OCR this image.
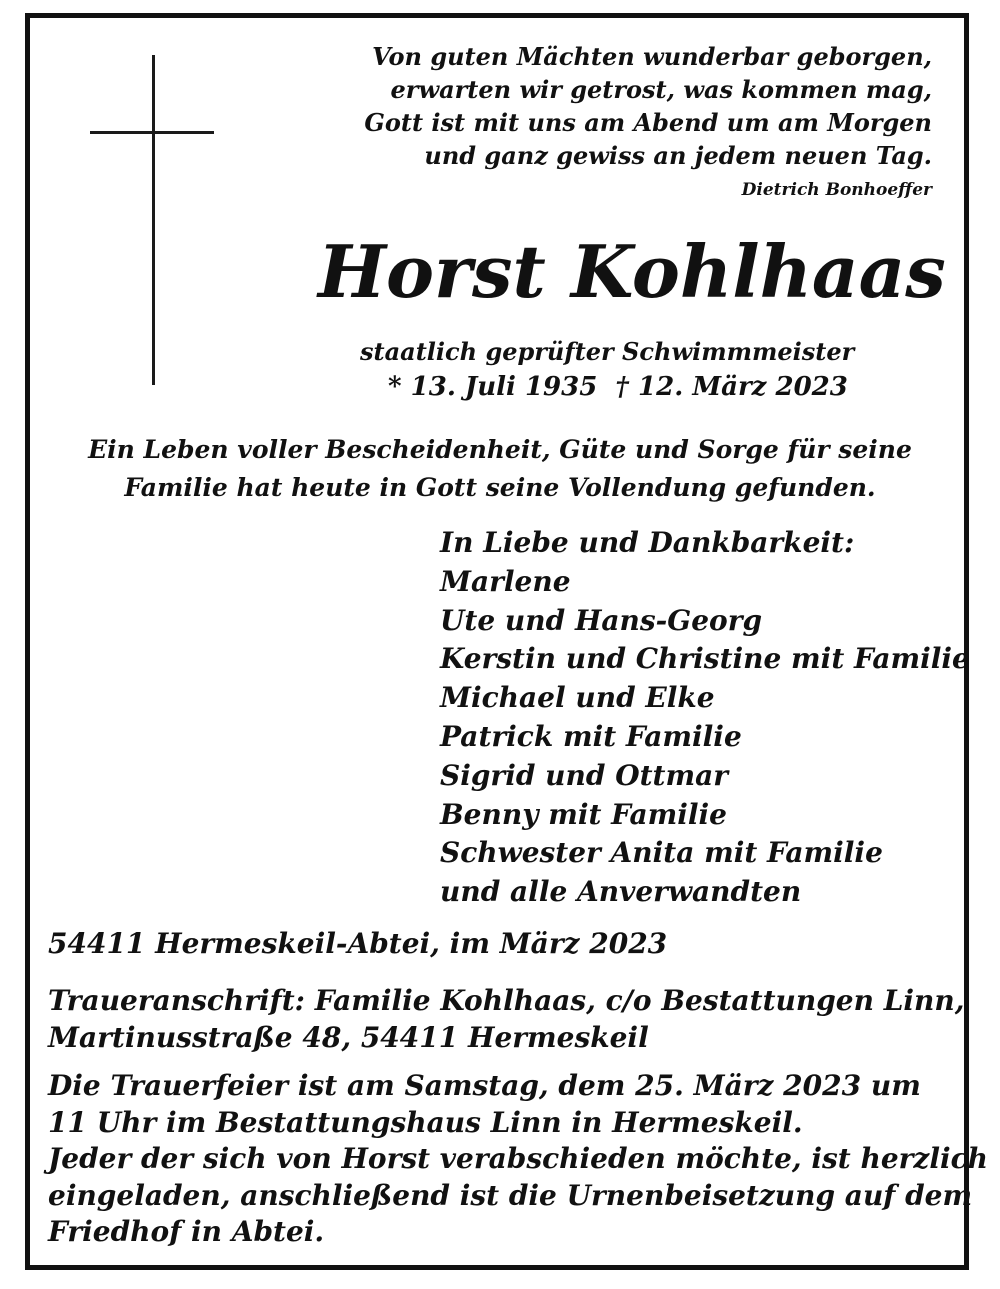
Von guten Mächten wunderbar geborgen,
erwarten wir getrost, was kommen mag,
Gott ist mit uns am Abend um am Morgen
und ganz gewiss an jedem neuen Tag.
Dietrich Bonhoeffer
Horst Kohlhaas
staatlich geprüfter Schwimmmeister
* 13. Juli 1935  † 12. März 2023
Ein Leben voller Bescheidenheit, Güte und Sorge für seine
Familie hat heute in Gott seine Vollendung gefunden.
In Liebe und Dankbarkeit:
Marlene
Ute und Hans-Georg
Kerstin und Christine mit Familie
Michael und Elke
Patrick mit Familie
Sigrid und Ottmar
Benny mit Familie
Schwester Anita mit Familie
und alle Anverwandten
54411 Hermeskeil-Abtei, im März 2023
Traueranschrift: Familie Kohlhaas, c/o Bestattungen Linn,
Martinusstraße 48, 54411 Hermeskeil
Die Trauerfeier ist am Samstag, dem 25. März 2023 um
11 Uhr im Bestattungshaus Linn in Hermeskeil.
Jeder der sich von Horst verabschieden möchte, ist herzlich
eingeladen, anschließend ist die Urnenbeisetzung auf dem
Friedhof in Abtei.
